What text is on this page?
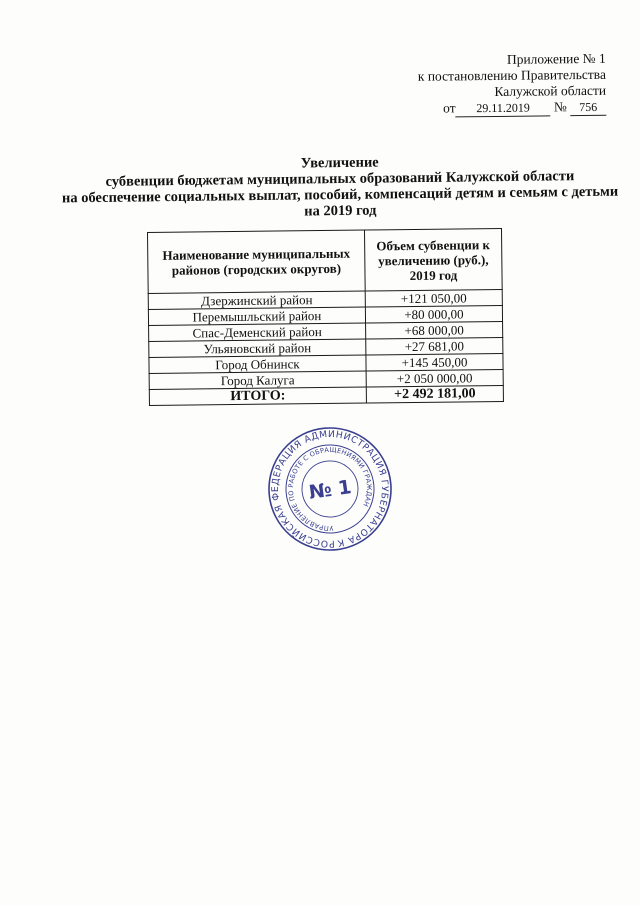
Приложение № 1
к постановлению Правительства
Калужской области
от 29.11.2019 № 756
Увеличение
субвенции бюджетам муниципальных образований Калужской области
на обеспечение социальных выплат, пособий, компенсаций детям и семьям с детьми
на 2019 год
Наименование муниципальных районов (городских округов)	Объем субвенции к увеличению (руб.), 2019 год
Дзержинский район	+121 050,00
Перемышльский район	+80 000,00
Спас-Деменский район	+68 000,00
Ульяновский район	+27 681,00
Город Обнинск	+145 450,00
Город Калуга	+2 050 000,00
ИТОГО:	+2 492 181,00
РОССИЙСКАЯ ФЕДЕРАЦИЯ АДМИНИСТРАЦИЯ ГУБЕРНАТОРА КАЛУЖСКОЙ
УПРАВЛЕНИЕ ПО РАБОТЕ С ОБРАЩЕНИЯМИ ГРАЖДАН
№ 1
